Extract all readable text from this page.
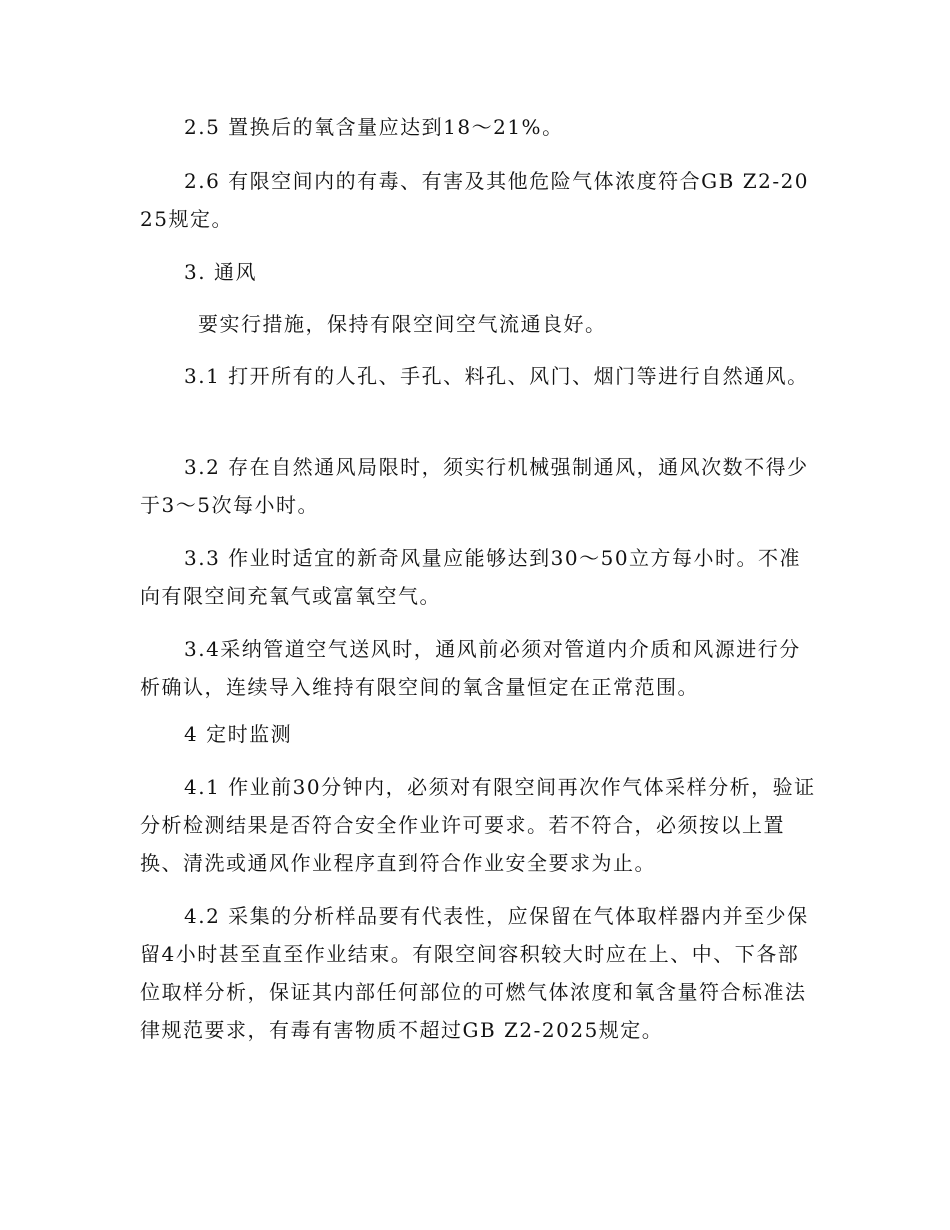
2.5 置换后的氧含量应达到18～21%。

2.6 有限空间内的有毒、有害及其他危险气体浓度符合GB Z2-2025规定。

3. 通风

要实行措施，保持有限空间空气流通良好。

3.1 打开所有的人孔、手孔、料孔、风门、烟门等进行自然通风。

3.2 存在自然通风局限时，须实行机械强制通风，通风次数不得少于3～5次每小时。

3.3 作业时适宜的新奇风量应能够达到30～50立方每小时。不准向有限空间充氧气或富氧空气。

3.4采纳管道空气送风时，通风前必须对管道内介质和风源进行分析确认，连续导入维持有限空间的氧含量恒定在正常范围。

4 定时监测

4.1 作业前30分钟内，必须对有限空间再次作气体采样分析，验证分析检测结果是否符合安全作业许可要求。若不符合，必须按以上置换、清洗或通风作业程序直到符合作业安全要求为止。

4.2 采集的分析样品要有代表性，应保留在气体取样器内并至少保留4小时甚至直至作业结束。有限空间容积较大时应在上、中、下各部位取样分析，保证其内部任何部位的可燃气体浓度和氧含量符合标准法律规范要求，有毒有害物质不超过GB Z2-2025规定。
